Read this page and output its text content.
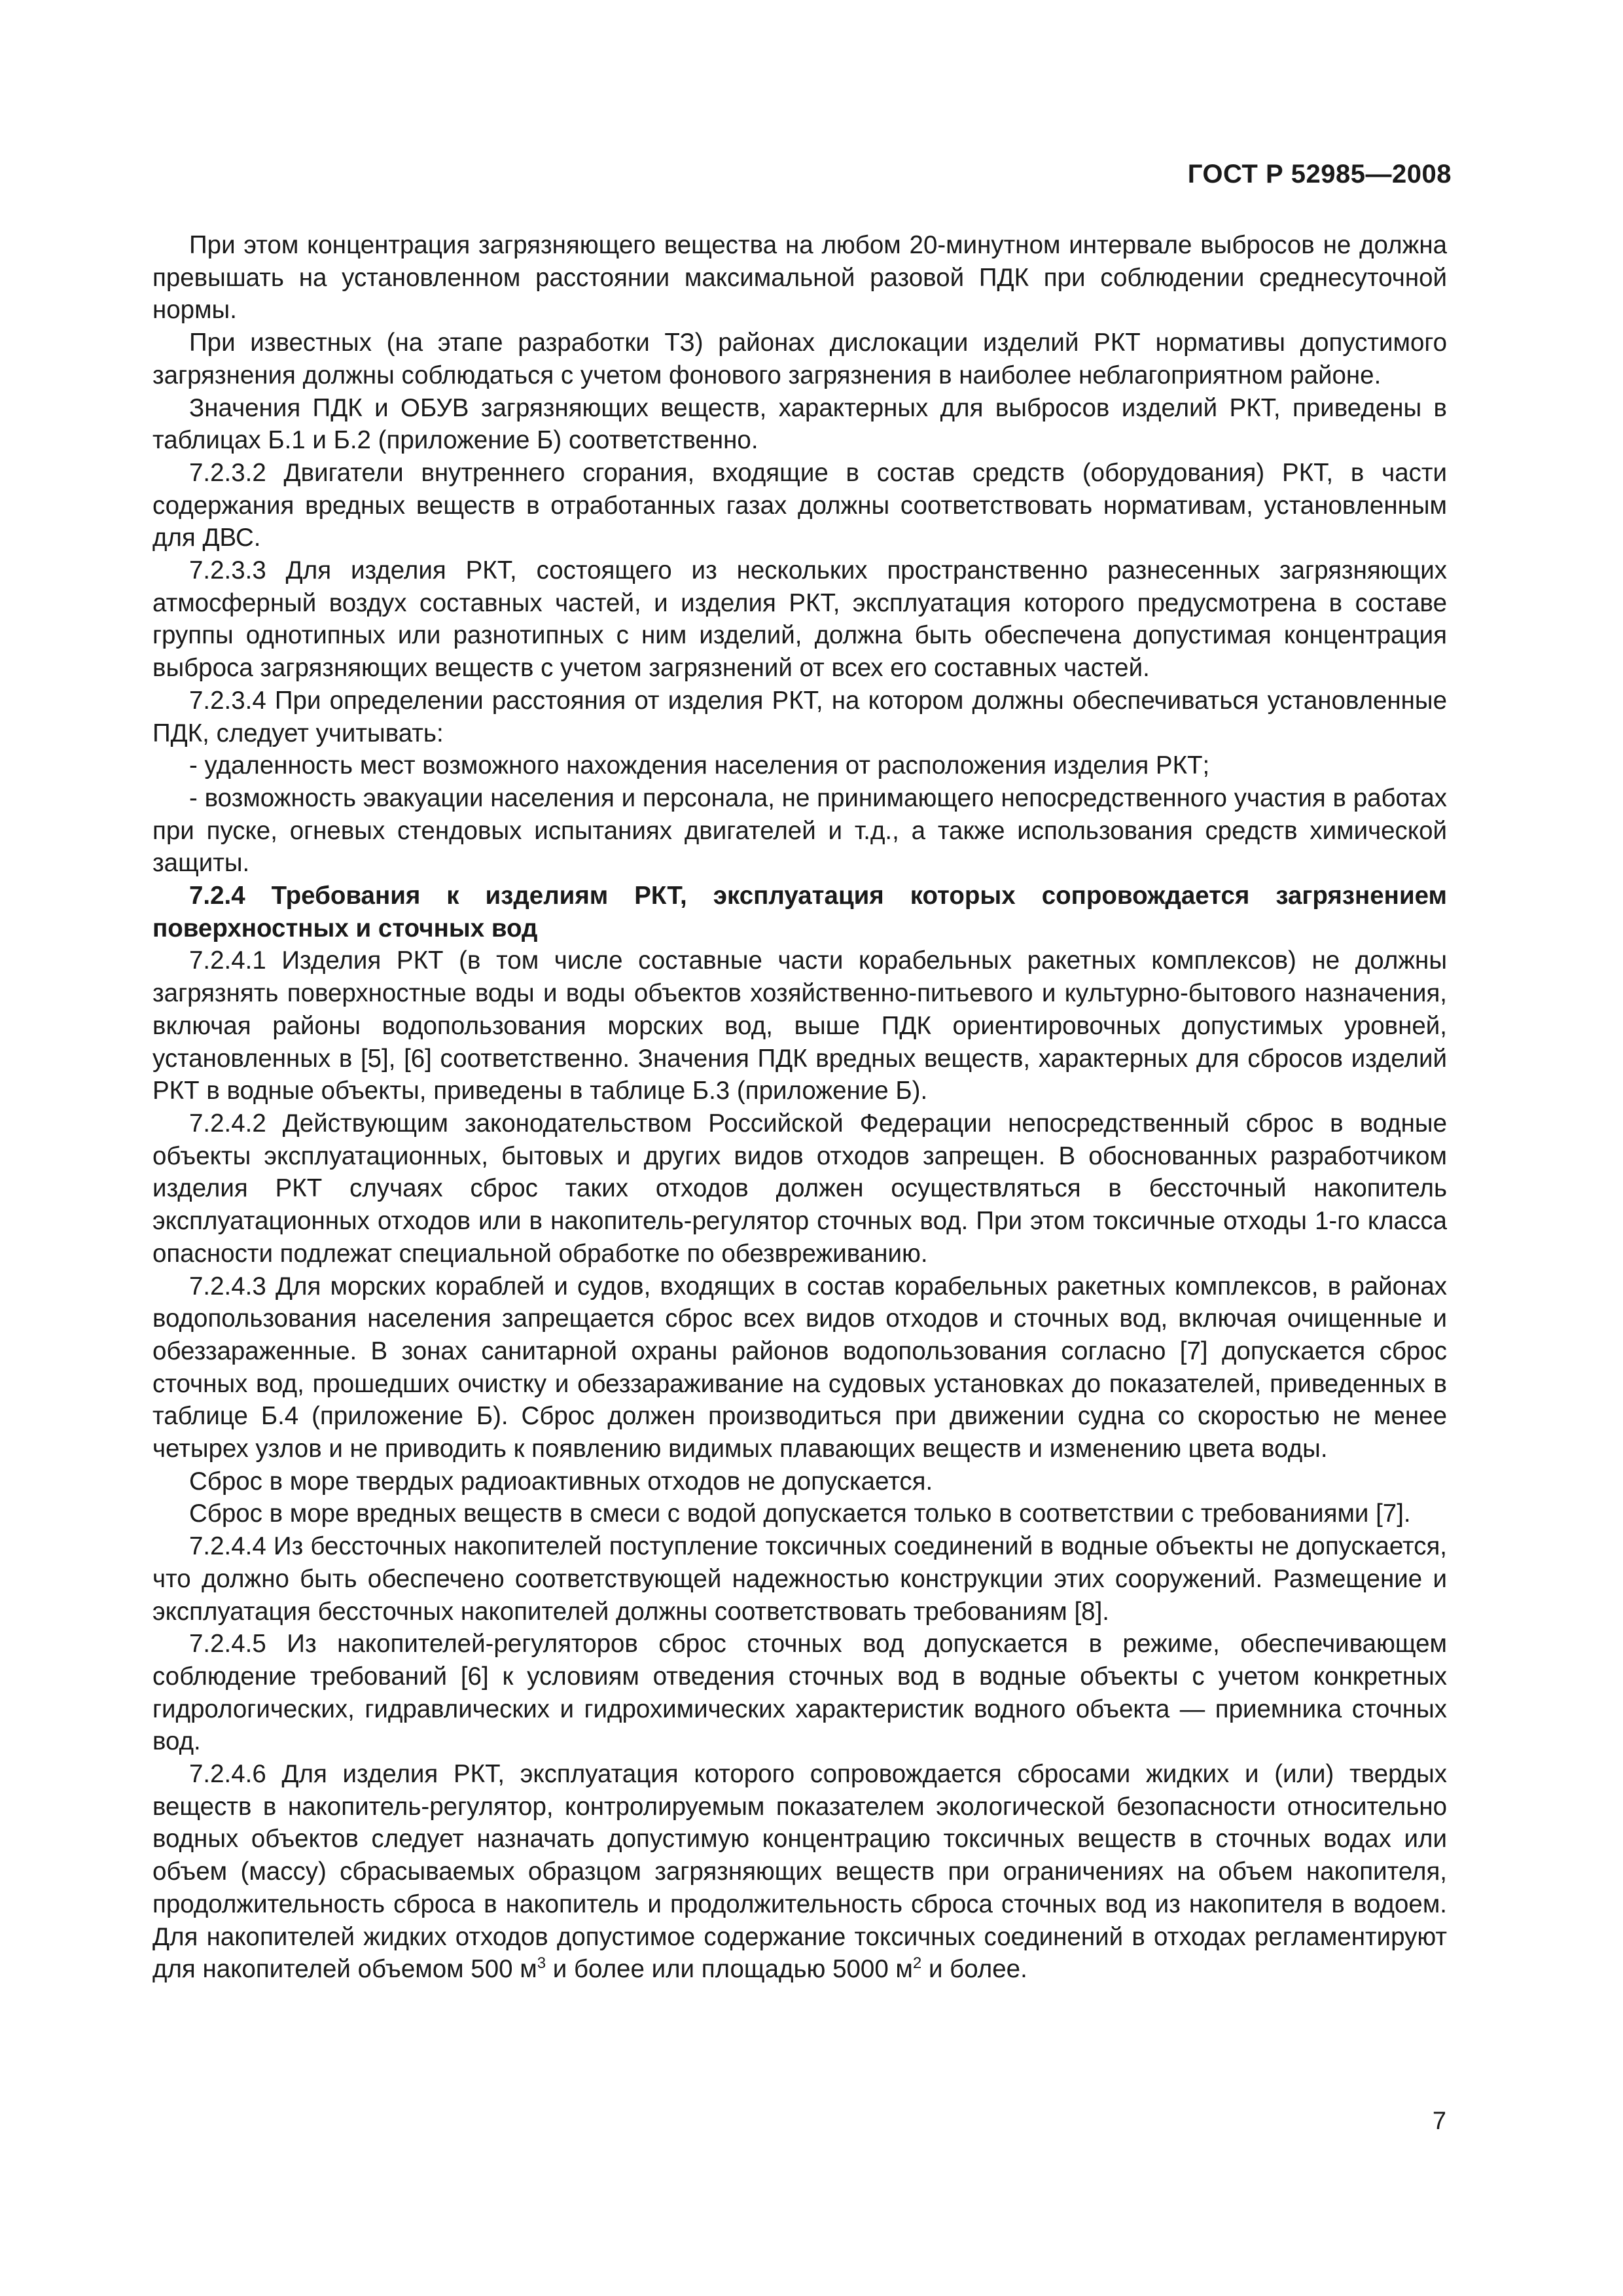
ГОСТ Р 52985—2008

При этом концентрация загрязняющего вещества на любом 20-минутном интервале выбросов не должна превышать на установленном расстоянии максимальной разовой ПДК при соблюдении среднесуточной нормы.

При известных (на этапе разработки ТЗ) районах дислокации изделий РКТ нормативы допустимого загрязнения должны соблюдаться с учетом фонового загрязнения в наиболее неблагоприятном районе.

Значения ПДК и ОБУВ загрязняющих веществ, характерных для выбросов изделий РКТ, приведены в таблицах Б.1 и Б.2 (приложение Б) соответственно.

7.2.3.2 Двигатели внутреннего сгорания, входящие в состав средств (оборудования) РКТ, в части содержания вредных веществ в отработанных газах должны соответствовать нормативам, установленным для ДВС.

7.2.3.3 Для изделия РКТ, состоящего из нескольких пространственно разнесенных загрязняющих атмосферный воздух составных частей, и изделия РКТ, эксплуатация которого предусмотрена в составе группы однотипных или разнотипных с ним изделий, должна быть обеспечена допустимая концентрация выброса загрязняющих веществ с учетом загрязнений от всех его составных частей.

7.2.3.4 При определении расстояния от изделия РКТ, на котором должны обеспечиваться установленные ПДК, следует учитывать:

- удаленность мест возможного нахождения населения от расположения изделия РКТ;

- возможность эвакуации населения и персонала, не принимающего непосредственного участия в работах при пуске, огневых стендовых испытаниях двигателей и т.д., а также использования средств химической защиты.

7.2.4 Требования к изделиям РКТ, эксплуатация которых сопровождается загрязнением поверхностных и сточных вод

7.2.4.1 Изделия РКТ (в том числе составные части корабельных ракетных комплексов) не должны загрязнять поверхностные воды и воды объектов хозяйственно-питьевого и культурно-бытового назначения, включая районы водопользования морских вод, выше ПДК ориентировочных допустимых уровней, установленных в [5], [6] соответственно. Значения ПДК вредных веществ, характерных для сбросов изделий РКТ в водные объекты, приведены в таблице Б.3 (приложение Б).

7.2.4.2 Действующим законодательством Российской Федерации непосредственный сброс в водные объекты эксплуатационных, бытовых и других видов отходов запрещен. В обоснованных разработчиком изделия РКТ случаях сброс таких отходов должен осуществляться в бессточный накопитель эксплуатационных отходов или в накопитель-регулятор сточных вод. При этом токсичные отходы 1-го класса опасности подлежат специальной обработке по обезвреживанию.

7.2.4.3 Для морских кораблей и судов, входящих в состав корабельных ракетных комплексов, в районах водопользования населения запрещается сброс всех видов отходов и сточных вод, включая очищенные и обеззараженные. В зонах санитарной охраны районов водопользования согласно [7] допускается сброс сточных вод, прошедших очистку и обеззараживание на судовых установках до показателей, приведенных в таблице Б.4 (приложение Б). Сброс должен производиться при движении судна со скоростью не менее четырех узлов и не приводить к появлению видимых плавающих веществ и изменению цвета воды.

Сброс в море твердых радиоактивных отходов не допускается.

Сброс в море вредных веществ в смеси с водой допускается только в соответствии с требованиями [7].

7.2.4.4 Из бессточных накопителей поступление токсичных соединений в водные объекты не допускается, что должно быть обеспечено соответствующей надежностью конструкции этих сооружений. Размещение и эксплуатация бессточных накопителей должны соответствовать требованиям [8].

7.2.4.5 Из накопителей-регуляторов сброс сточных вод допускается в режиме, обеспечивающем соблюдение требований [6] к условиям отведения сточных вод в водные объекты с учетом конкретных гидрологических, гидравлических и гидрохимических характеристик водного объекта — приемника сточных вод.

7.2.4.6 Для изделия РКТ, эксплуатация которого сопровождается сбросами жидких и (или) твердых веществ в накопитель-регулятор, контролируемым показателем экологической безопасности относительно водных объектов следует назначать допустимую концентрацию токсичных веществ в сточных водах или объем (массу) сбрасываемых образцом загрязняющих веществ при ограничениях на объем накопителя, продолжительность сброса в накопитель и продолжительность сброса сточных вод из накопителя в водоем. Для накопителей жидких отходов допустимое содержание токсичных соединений в отходах регламентируют для накопителей объемом 500 $м^3$ и более или площадью 5000 $м^2$ и более.

7
